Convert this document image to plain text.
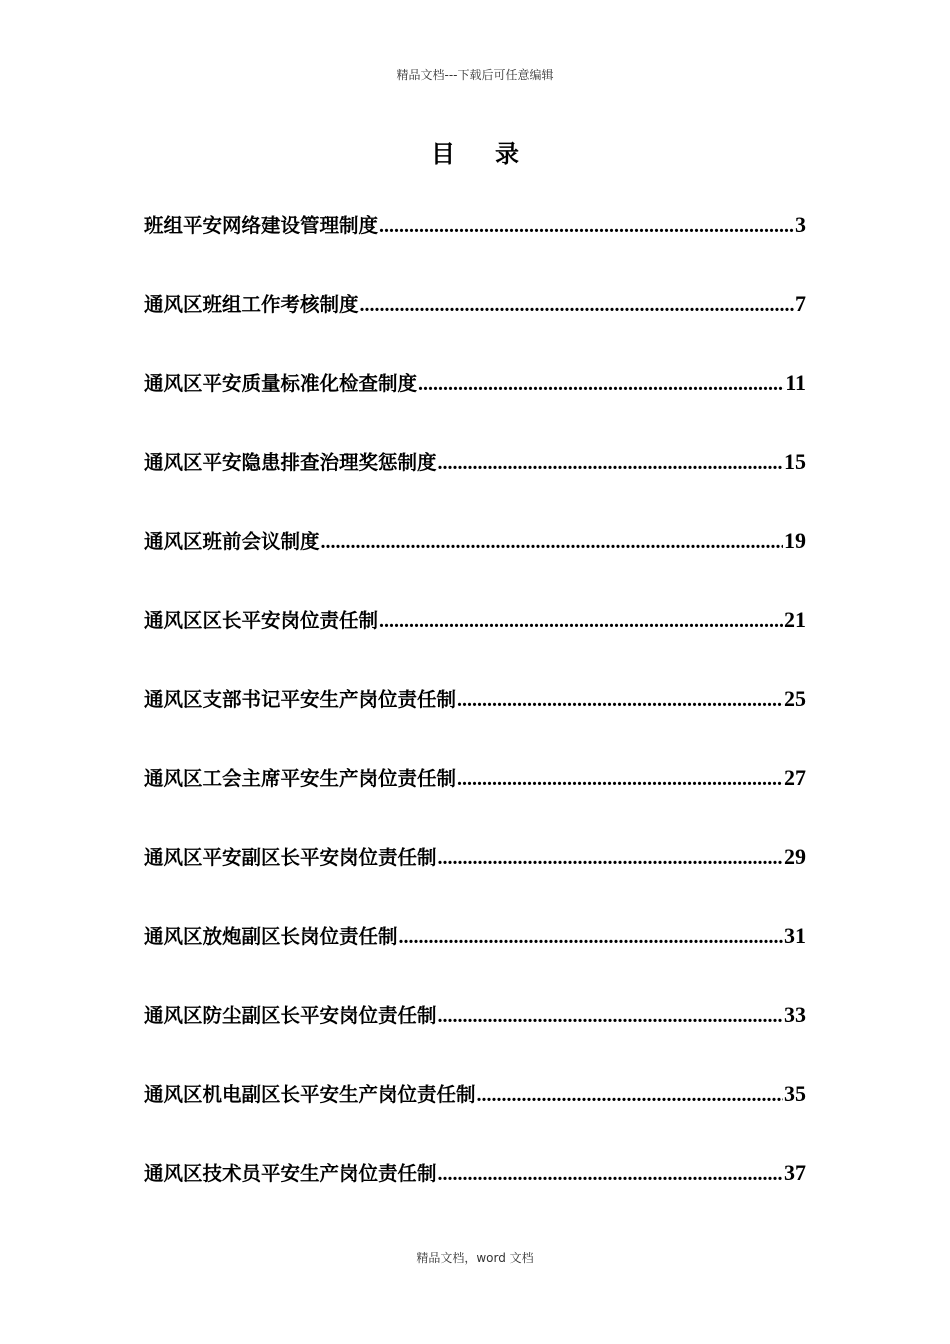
精品文档---下载后可任意编辑
目录
班组平安网络建设管理制度 .....	3
通风区班组工作考核制度 .....	7
通风区平安质量标准化检查制度 .....	11
通风区平安隐患排查治理奖惩制度 .....	15
通风区班前会议制度 .....	19
通风区区长平安岗位责任制 .....	21
通风区支部书记平安生产岗位责任制 .....	25
通风区工会主席平安生产岗位责任制 .....	27
通风区平安副区长平安岗位责任制 .....	29
通风区放炮副区长岗位责任制 .....	31
通风区防尘副区长平安岗位责任制 .....	33
通风区机电副区长平安生产岗位责任制 .....	35
通风区技术员平安生产岗位责任制 .....	37
精品文档，word 文档
